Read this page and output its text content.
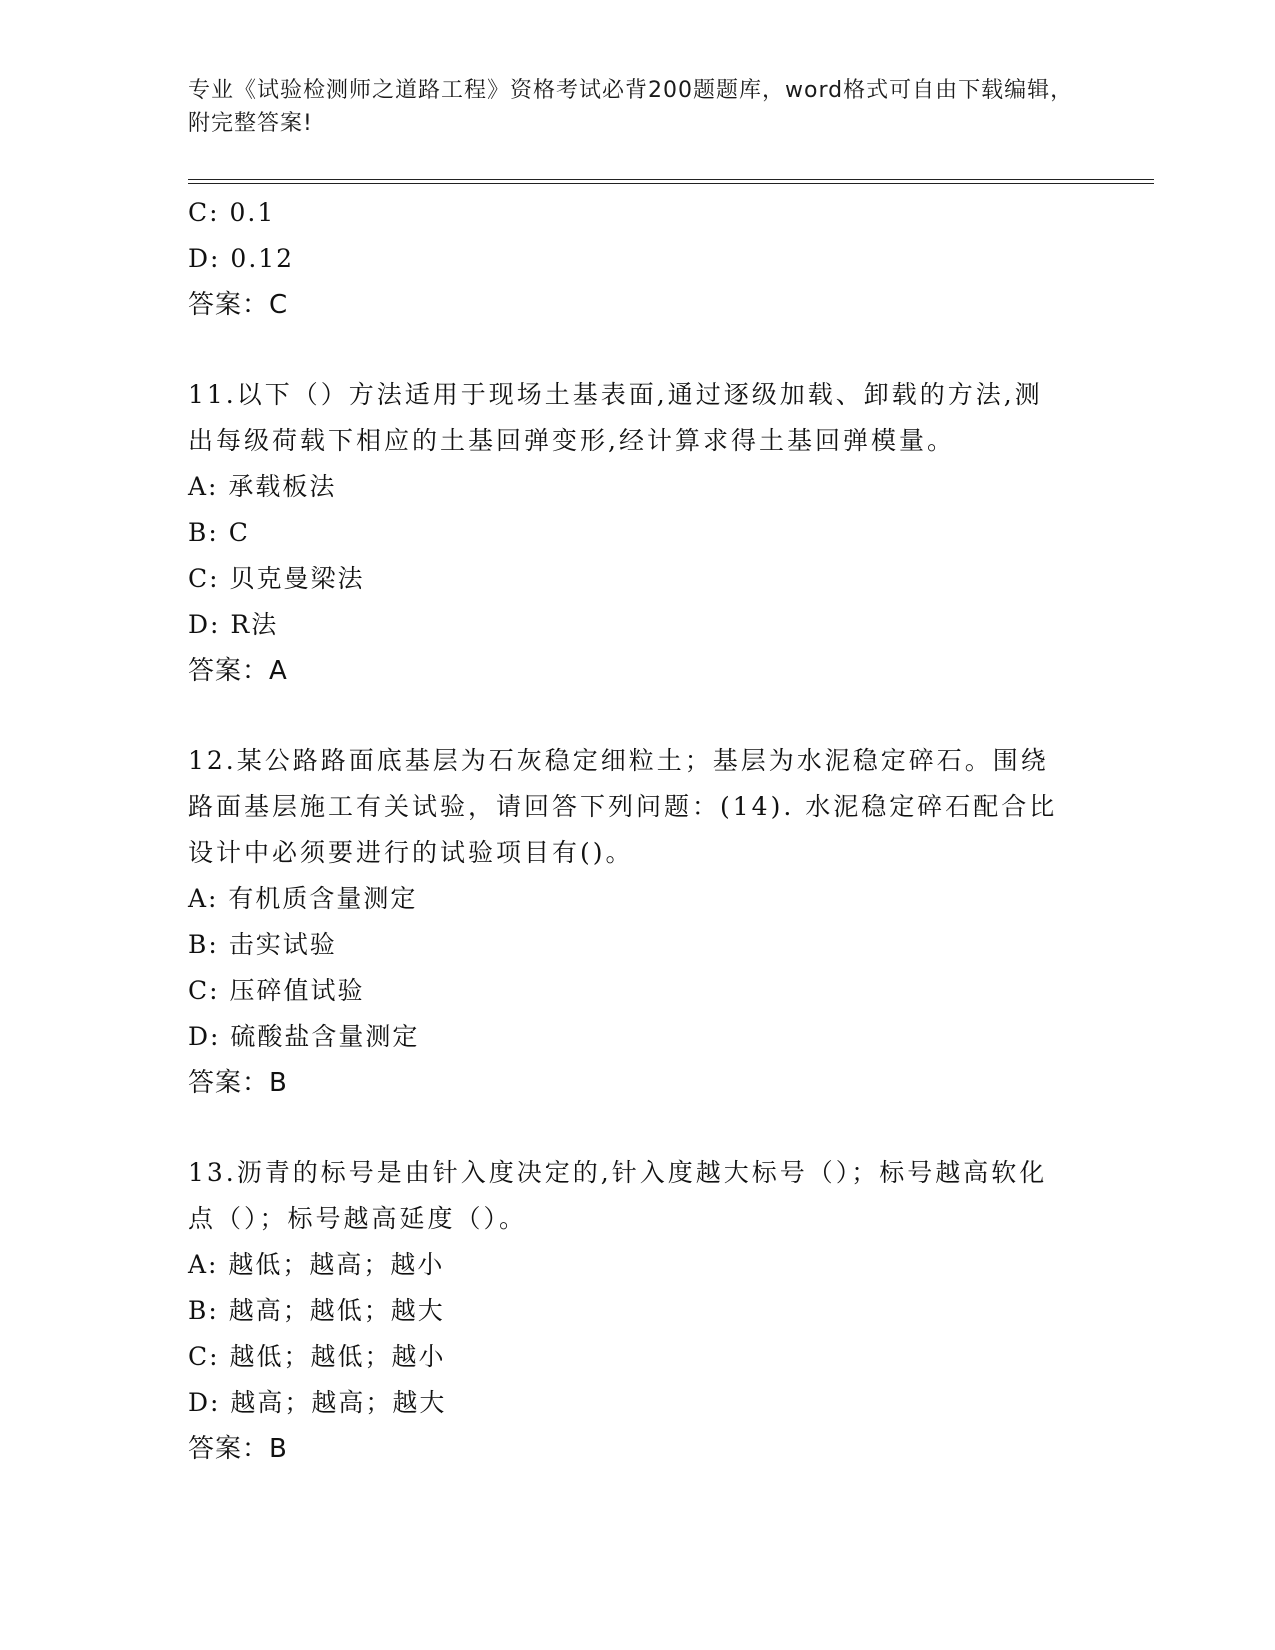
专业《试验检测师之道路工程》资格考试必背200题题库，word格式可自由下载编辑，附完整答案!

C: 0.1

D: 0.12

答案：C

11.以下（）方法适用于现场土基表面,通过逐级加载、卸载的方法,测出每级荷载下相应的土基回弹变形,经计算求得土基回弹模量。

A: 承载板法

B: C

C: 贝克曼梁法

D: R法

答案：A

12.某公路路面底基层为石灰稳定细粒土；基层为水泥稳定碎石。围绕路面基层施工有关试验，请回答下列问题：(14). 水泥稳定碎石配合比设计中必须要进行的试验项目有()。

A: 有机质含量测定

B: 击实试验

C: 压碎值试验

D: 硫酸盐含量测定

答案：B

13.沥青的标号是由针入度决定的,针入度越大标号（）；标号越高软化点（）；标号越高延度（）。

A: 越低；越高；越小

B: 越高；越低；越大

C: 越低；越低；越小

D: 越高；越高；越大

答案：B
